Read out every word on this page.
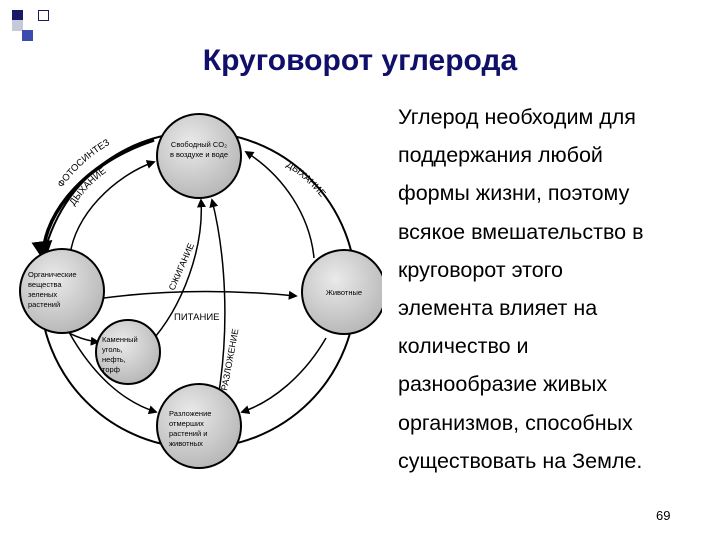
Круговорот углерода
Свободный CO₂
в воздухе и воде
Органические
вещества
зеленых
растений
Животные
Каменный
уголь,
нефть,
торф
Разложение
отмерших
растений и
животных
ФОТОСИНТЕЗ
ДЫХАНИЕ	ДЫХАНИЕ
СЖИГАНИЕ
РАЗЛОЖЕНИЕ
ПИТАНИЕ
Углерод необходим для
поддержания любой
формы жизни, поэтому
всякое вмешательство в
круговорот этого
элемента влияет на
количество и
разнообразие живых
организмов, способных
существовать на Земле.
69
